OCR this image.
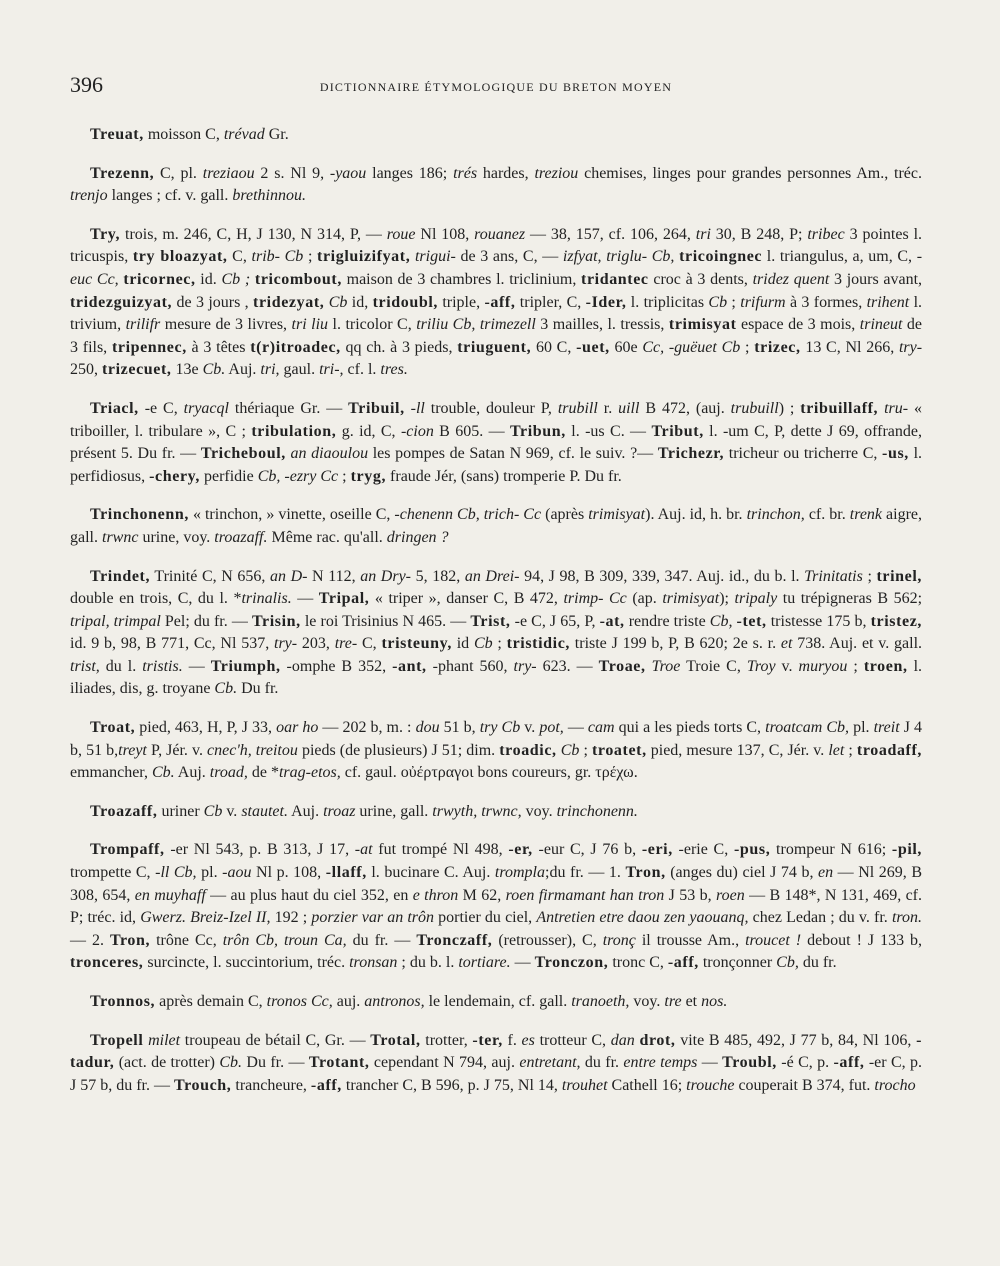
396	DICTIONNAIRE ÉTYMOLOGIQUE DU BRETON MOYEN

Treuat, moisson C, trévad Gr.

Trezenn, C, pl. treziaou 2 s. Nl 9, -yaou langes 186; trés hardes, treziou chemises, linges pour grandes personnes Am., tréc. trenjo langes ; cf. v. gall. brethinnou.

Try, trois, m. 246, C, H, J 130, N 314, P, — roue Nl 108, rouanez — 38, 157, cf. 106, 264, tri 30, B 248, P; tribec 3 pointes l. tricuspis, try bloazyat, C, trib- Cb ; trigluizifyat, trigui- de 3 ans, C, — izfyat, triglu- Cb, tricoingnec l. triangulus, a, um, C, -euc Cc, tricornec, id. Cb ; tricombout, maison de 3 chambres l. triclinium, tridantec croc à 3 dents, tridez quent 3 jours avant, tridezguizyat, de 3 jours , tridezyat, Cb id, tridoubl, triple, -aff, tripler, C, -Ider, l. triplicitas Cb ; trifurm à 3 formes, trihent l. trivium, trilifr mesure de 3 livres, tri liu l. tricolor C, triliu Cb, trimezell 3 mailles, l. tressis, trimisyat espace de 3 mois, trineut de 3 fils, tripennec, à 3 têtes t(r)itroadec, qq ch. à 3 pieds, triuguent, 60 C, -uet, 60e Cc, -guëuet Cb ; trizec, 13 C, Nl 266, try- 250, trizecuet, 13e Cb. Auj. tri, gaul. tri-, cf. l. tres.

Triacl, -e C, tryacql thériaque Gr. — Tribuil, -ll trouble, douleur P, trubill r. uill B 472, (auj. trubuill) ; tribuillaff, tru- « triboiller, l. tribulare », C ; tribulation, g. id, C, -cion B 605. — Tribun, l. -us C. — Tribut, l. -um C, P, dette J 69, offrande, présent 5. Du fr. — Tricheboul, an diaoulou les pompes de Satan N 969, cf. le suiv. ?— Trichezr, tricheur ou tricherre C, -us, l. perfidiosus, -chery, perfidie Cb, -ezry Cc ; tryg, fraude Jér, (sans) tromperie P. Du fr.

Trinchonenn, « trinchon, » vinette, oseille C, -chenenn Cb, trich- Cc (après trimisyat). Auj. id, h. br. trinchon, cf. br. trenk aigre, gall. trwnc urine, voy. troazaff. Même rac. qu'all. dringen ?

Trindet, Trinité C, N 656, an D- N 112, an Dry- 5, 182, an Drei- 94, J 98, B 309, 339, 347. Auj. id., du b. l. Trinitatis ; trinel, double en trois, C, du l. *trinalis. — Tripal, « triper », danser C, B 472, trimp- Cc (ap. trimisyat); tripaly tu trépigneras B 562; tripal, trimpal Pel; du fr. — Trisin, le roi Trisinius N 465. — Trist, -e C, J 65, P, -at, rendre triste Cb, -tet, tristesse 175 b, tristez, id. 9 b, 98, B 771, Cc, Nl 537, try- 203, tre- C, tristeuny, id Cb ; tristidic, triste J 199 b, P, B 620; 2e s. r. et 738. Auj. et v. gall. trist, du l. tristis. — Triumph, -omphe B 352, -ant, -phant 560, try- 623. — Troae, Troe Troie C, Troy v. muryou ; troen, l. iliades, dis, g. troyane Cb. Du fr.

Troat, pied, 463, H, P, J 33, oar ho — 202 b, m. : dou 51 b, try Cb v. pot, — cam qui a les pieds torts C, troatcam Cb, pl. treit J 4 b, 51 b,treyt P, Jér. v. cnec'h, treitou pieds (de plusieurs) J 51; dim. troadic, Cb ; troatet, pied, mesure 137, C, Jér. v. let ; troadaff, emmancher, Cb. Auj. troad, de *trag-etos, cf. gaul. οὐέρτραγοι bons coureurs, gr. τρέχω.

Troazaff, uriner Cb v. stautet. Auj. troaz urine, gall. trwyth, trwnc, voy. trinchonenn.

Trompaff, -er Nl 543, p. B 313, J 17, -at fut trompé Nl 498, -er, -eur C, J 76 b, -eri, -erie C, -pus, trompeur N 616; -pil, trompette C, -ll Cb, pl. -aou Nl p. 108, -llaff, l. bucinare C. Auj. trompla;du fr. — 1. Tron, (anges du) ciel J 74 b, en — Nl 269, B 308, 654, en muyhaff — au plus haut du ciel 352, en e thron M 62, roen firmamant han tron J 53 b, roen — B 148*, N 131, 469, cf. P; tréc. id, Gwerz. Breiz-Izel II, 192 ; porzier var an trôn portier du ciel, Antretien etre daou zen yaouanq, chez Ledan ; du v. fr. tron. — 2. Tron, trône Cc, trôn Cb, troun Ca, du fr. — Tronczaff, (retrousser), C, tronç il trousse Am., troucet ! debout ! J 133 b, tronceres, surcincte, l. succintorium, tréc. tronsan ; du b. l. tortiare. — Tronczon, tronc C, -aff, tronçonner Cb, du fr.

Tronnos, après demain C, tronos Cc, auj. antronos, le lendemain, cf. gall. tranoeth, voy. tre et nos.

Tropell milet troupeau de bétail C, Gr. — Trotal, trotter, -ter, f. es trotteur C, dan drot, vite B 485, 492, J 77 b, 84, Nl 106, -tadur, (act. de trotter) Cb. Du fr. — Trotant, cependant N 794, auj. entretant, du fr. entre temps — Troubl, -é C, p. -aff, -er C, p. J 57 b, du fr. — Trouch, trancheure, -aff, trancher C, B 596, p. J 75, Nl 14, trouhet Cathell 16; trouche couperait B 374, fut. trocho
